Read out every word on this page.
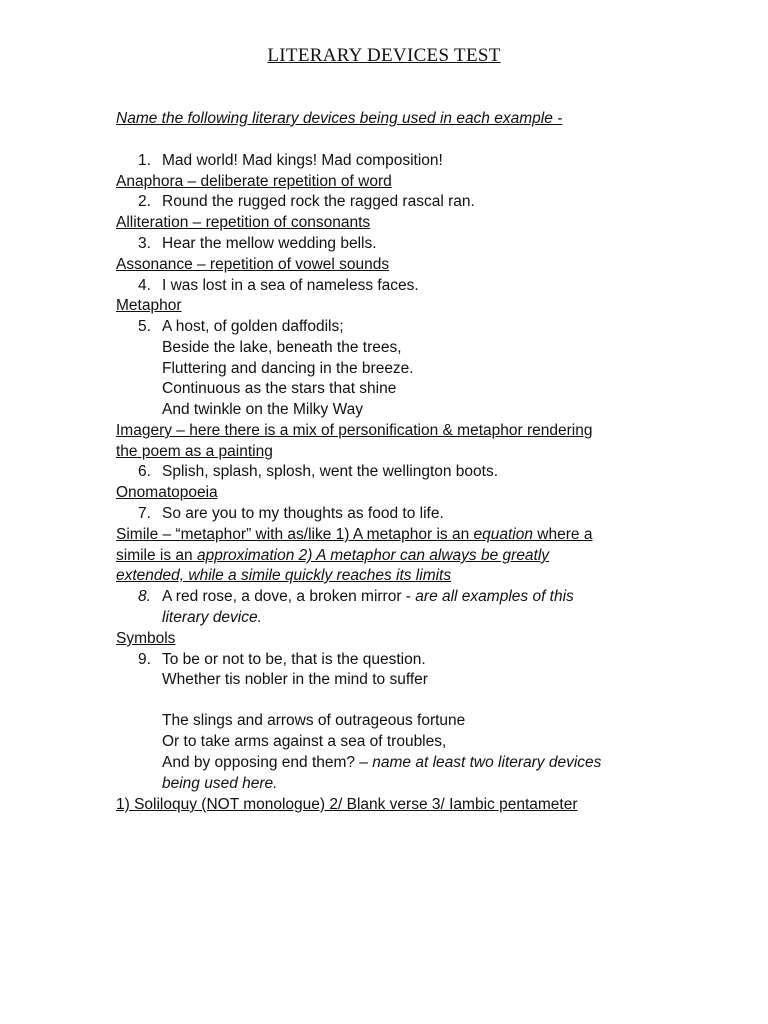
LITERARY DEVICES TEST
Name the following literary devices being used in each example -
1. Mad world! Mad kings! Mad composition!
Anaphora – deliberate repetition of word
2. Round the rugged rock the ragged rascal ran.
Alliteration – repetition of consonants
3. Hear the mellow wedding bells.
Assonance – repetition of vowel sounds
4. I was lost in a sea of nameless faces.
Metaphor
5. A host, of golden daffodils;
Beside the lake, beneath the trees,
Fluttering and dancing in the breeze.
Continuous as the stars that shine
And twinkle on the Milky Way
Imagery – here there is a mix of personification & metaphor rendering
the poem as a painting
6. Splish, splash, splosh, went the wellington boots.
Onomatopoeia
7. So are you to my thoughts as food to life.
Simile – “metaphor” with as/like 1) A metaphor is an equation where a
simile is an approximation 2) A metaphor can always be greatly
extended, while a simile quickly reaches its limits
8. A red rose, a dove, a broken mirror - are all examples of this
literary device.
Symbols
9. To be or not to be, that is the question.
Whether tis nobler in the mind to suffer
The slings and arrows of outrageous fortune
Or to take arms against a sea of troubles,
And by opposing end them? – name at least two literary devices
being used here.
1) Soliloquy (NOT monologue) 2/ Blank verse 3/ Iambic pentameter
